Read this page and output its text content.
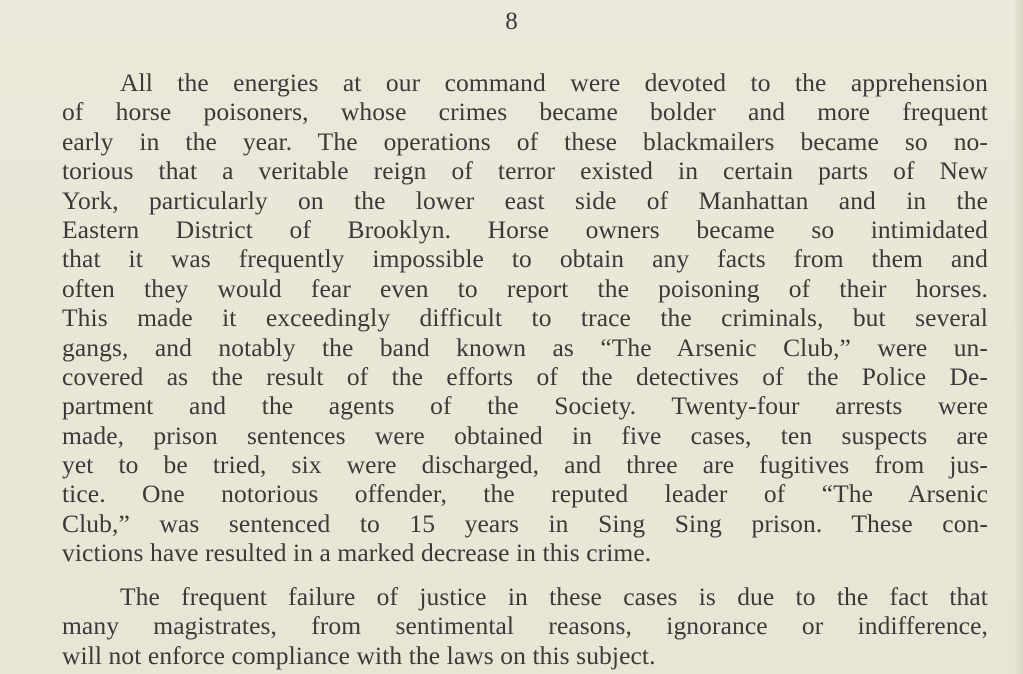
8
All the energies at our command were devoted to the apprehension
of horse poisoners, whose crimes became bolder and more frequent
early in the year. The operations of these blackmailers became so no-
torious that a veritable reign of terror existed in certain parts of New
York, particularly on the lower east side of Manhattan and in the
Eastern District of Brooklyn. Horse owners became so intimidated
that it was frequently impossible to obtain any facts from them and
often they would fear even to report the poisoning of their horses.
This made it exceedingly difficult to trace the criminals, but several
gangs, and notably the band known as “The Arsenic Club,” were un-
covered as the result of the efforts of the detectives of the Police De-
partment and the agents of the Society. Twenty-four arrests were
made, prison sentences were obtained in five cases, ten suspects are
yet to be tried, six were discharged, and three are fugitives from jus-
tice. One notorious offender, the reputed leader of “The Arsenic
Club,” was sentenced to 15 years in Sing Sing prison. These con-
victions have resulted in a marked decrease in this crime.
The frequent failure of justice in these cases is due to the fact that
many magistrates, from sentimental reasons, ignorance or indifference,
will not enforce compliance with the laws on this subject.
